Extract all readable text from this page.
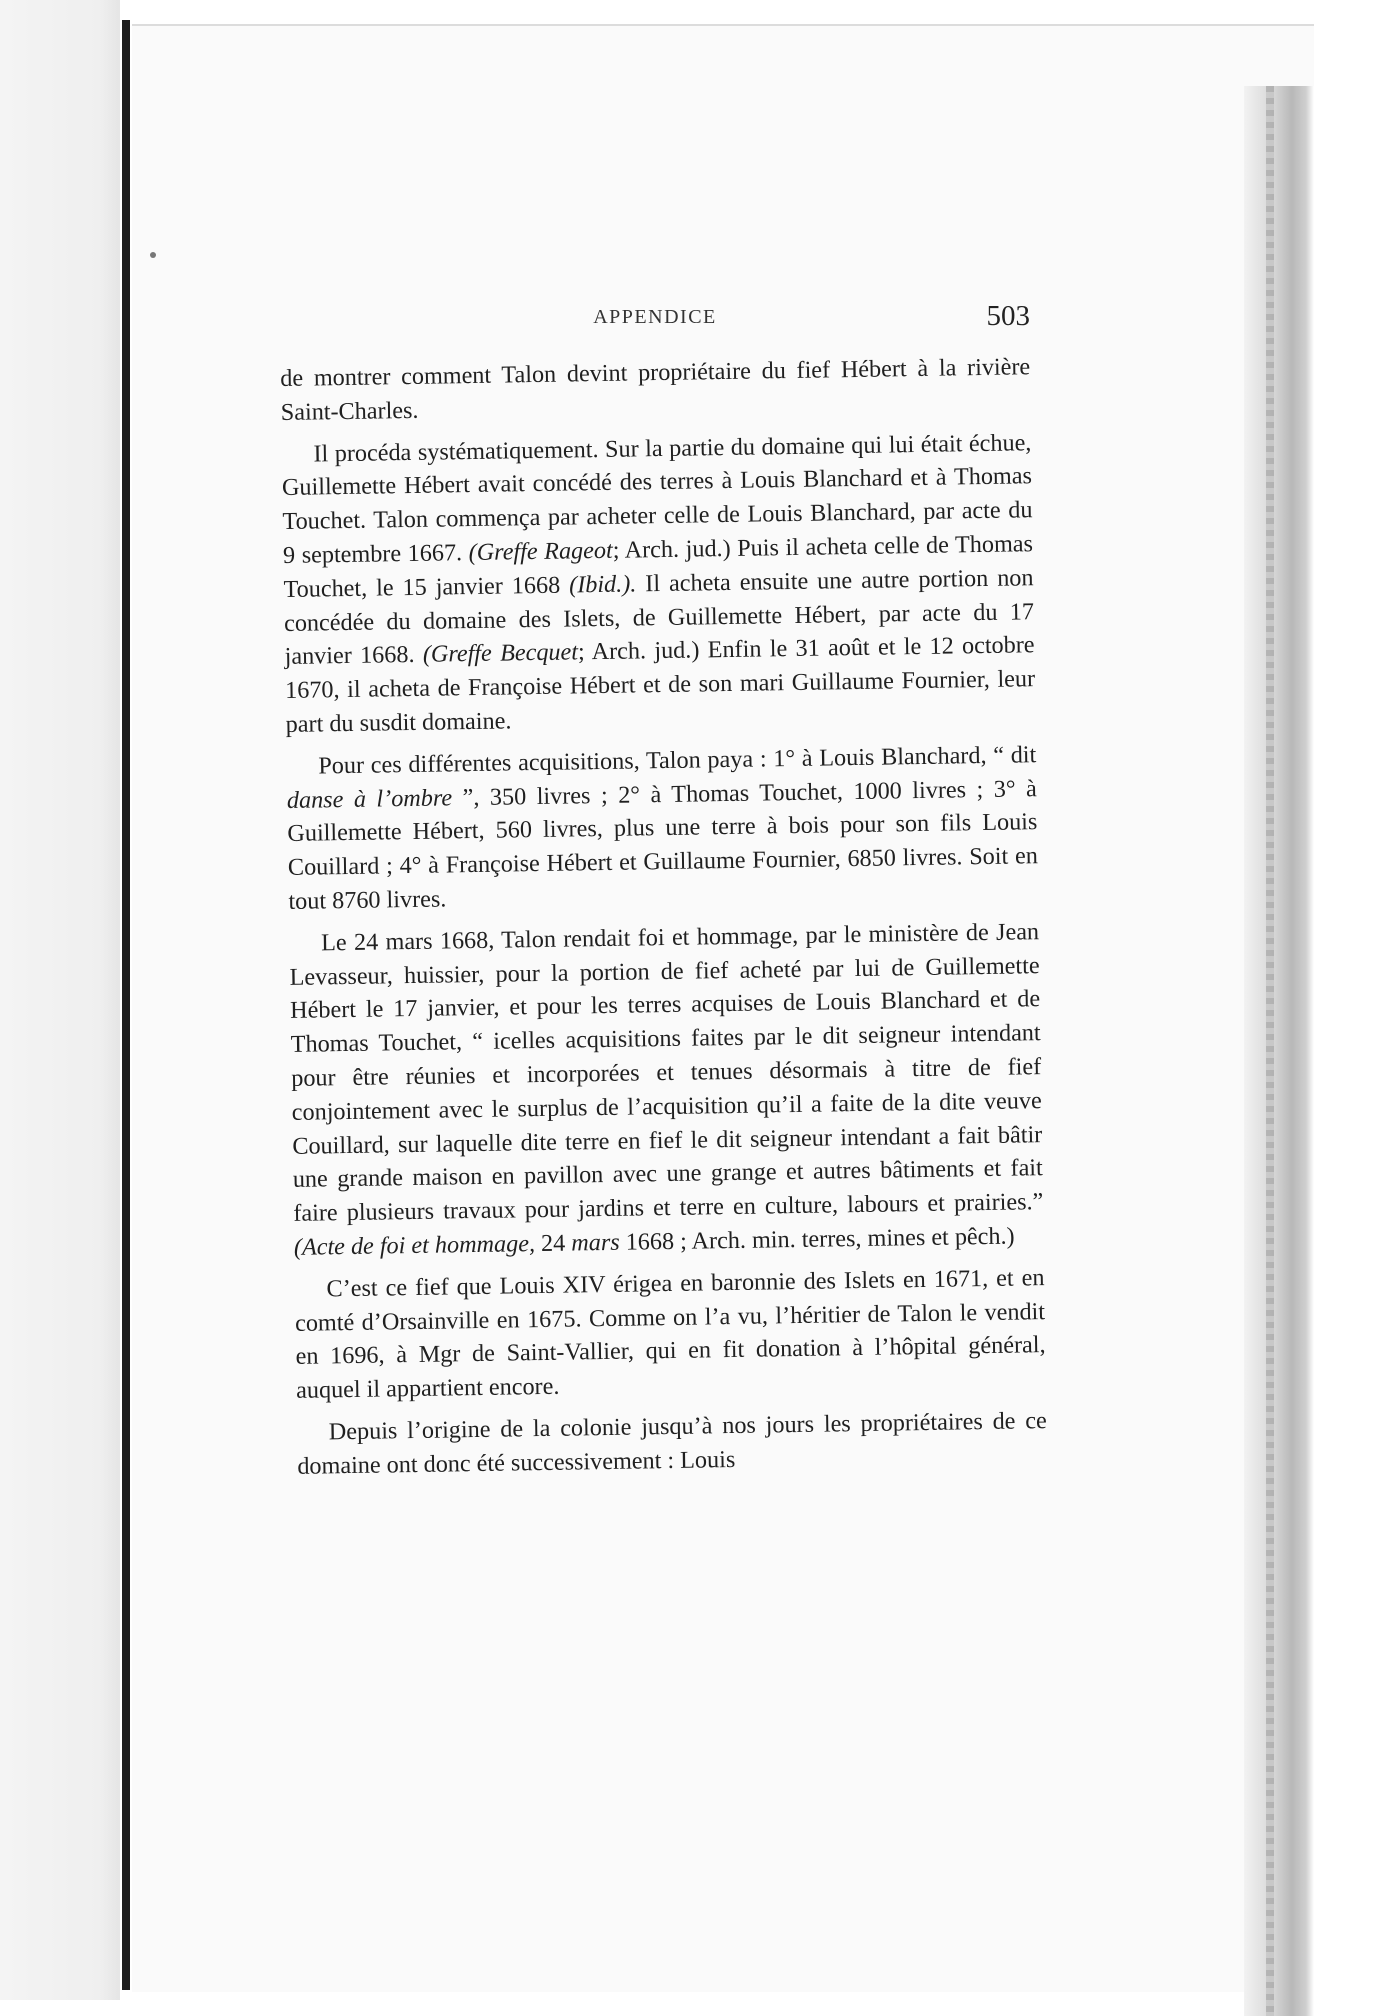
APPENDICE	503

de montrer comment Talon devint propriétaire du fief Hébert à la rivière Saint-Charles.

Il procéda systématiquement. Sur la partie du domaine qui lui était échue, Guillemette Hébert avait concédé des terres à Louis Blanchard et à Thomas Touchet. Talon commença par acheter celle de Louis Blanchard, par acte du 9 septembre 1667. (Greffe Rageot; Arch. jud.) Puis il acheta celle de Thomas Touchet, le 15 janvier 1668 (Ibid.). Il acheta ensuite une autre portion non concédée du domaine des Islets, de Guillemette Hébert, par acte du 17 janvier 1668. (Greffe Becquet; Arch. jud.) Enfin le 31 août et le 12 octobre 1670, il acheta de Françoise Hébert et de son mari Guillaume Fournier, leur part du susdit domaine.

Pour ces différentes acquisitions, Talon paya : 1° à Louis Blanchard, “ dit danse à l’ombre ”, 350 livres ; 2° à Thomas Touchet, 1000 livres ; 3° à Guillemette Hébert, 560 livres, plus une terre à bois pour son fils Louis Couillard ; 4° à Françoise Hébert et Guillaume Fournier, 6850 livres. Soit en tout 8760 livres.

Le 24 mars 1668, Talon rendait foi et hommage, par le ministère de Jean Levasseur, huissier, pour la portion de fief acheté par lui de Guillemette Hébert le 17 janvier, et pour les terres acquises de Louis Blanchard et de Thomas Touchet, “ icelles acquisitions faites par le dit seigneur intendant pour être réunies et incorporées et tenues désormais à titre de fief conjointement avec le surplus de l’acquisition qu’il a faite de la dite veuve Couillard, sur laquelle dite terre en fief le dit seigneur intendant a fait bâtir une grande maison en pavillon avec une grange et autres bâtiments et fait faire plusieurs travaux pour jardins et terre en culture, labours et prairies.” (Acte de foi et hommage, 24 mars 1668 ; Arch. min. terres, mines et pêch.)

C’est ce fief que Louis XIV érigea en baronnie des Islets en 1671, et en comté d’Orsainville en 1675. Comme on l’a vu, l’héritier de Talon le vendit en 1696, à Mgr de Saint-Vallier, qui en fit donation à l’hôpital général, auquel il appartient encore.

Depuis l’origine de la colonie jusqu’à nos jours les propriétaires de ce domaine ont donc été successivement : Louis
